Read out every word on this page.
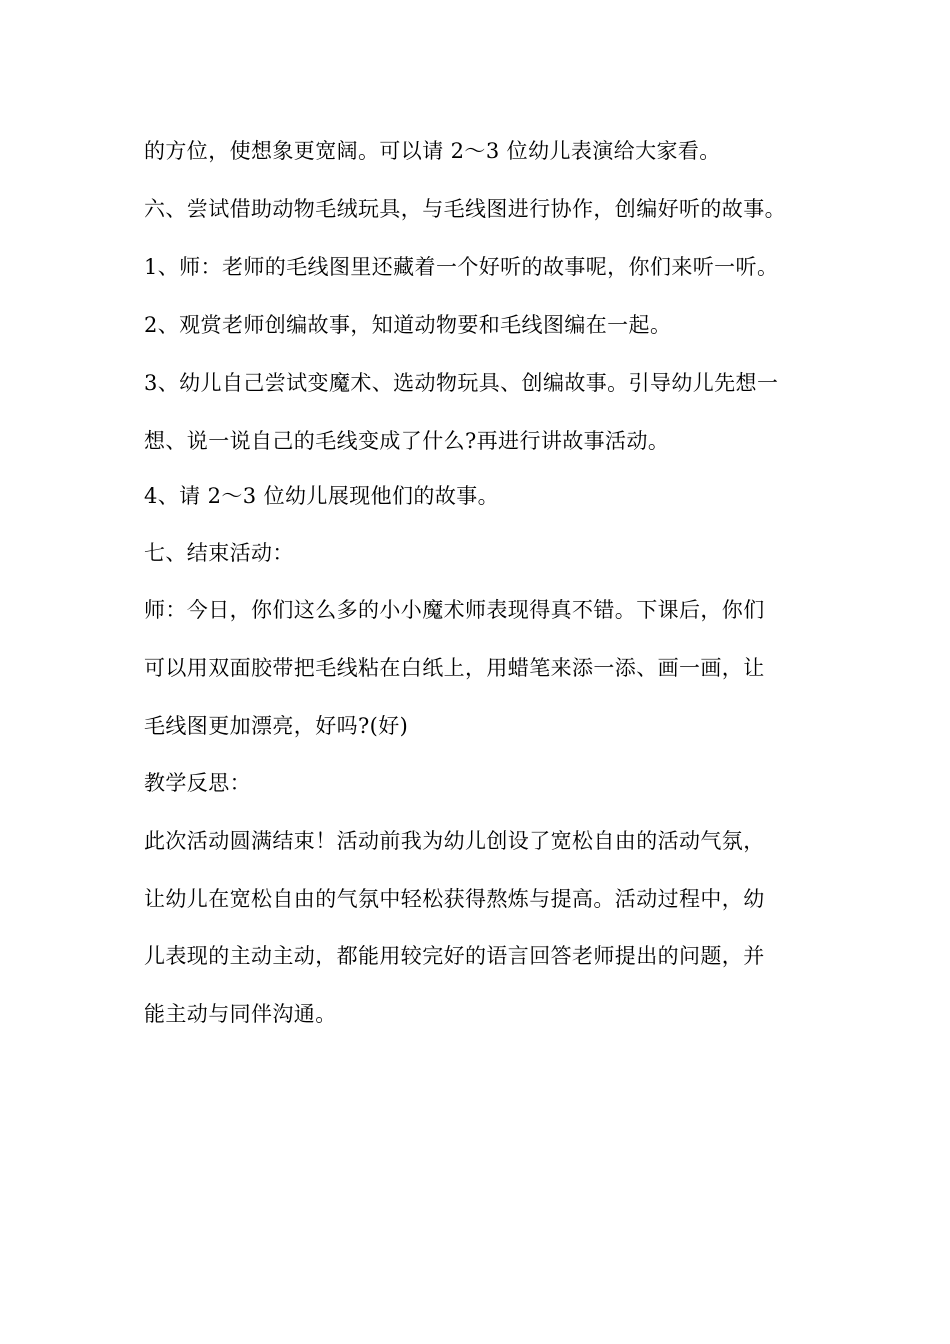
的方位，使想象更宽阔。可以请 2～3 位幼儿表演给大家看。

六、尝试借助动物毛绒玩具，与毛线图进行协作，创编好听的故事。

1、师：老师的毛线图里还藏着一个好听的故事呢，你们来听一听。

2、观赏老师创编故事，知道动物要和毛线图编在一起。

3、幼儿自己尝试变魔术、选动物玩具、创编故事。引导幼儿先想一

想、说一说自己的毛线变成了什么?再进行讲故事活动。

4、请 2～3 位幼儿展现他们的故事。

七、结束活动：

师：今日，你们这么多的小小魔术师表现得真不错。下课后，你们

可以用双面胶带把毛线粘在白纸上，用蜡笔来添一添、画一画，让

毛线图更加漂亮，好吗?(好)

教学反思：

此次活动圆满结束！活动前我为幼儿创设了宽松自由的活动气氛，

让幼儿在宽松自由的气氛中轻松获得熬炼与提高。活动过程中，幼

儿表现的主动主动，都能用较完好的语言回答老师提出的问题，并

能主动与同伴沟通。
